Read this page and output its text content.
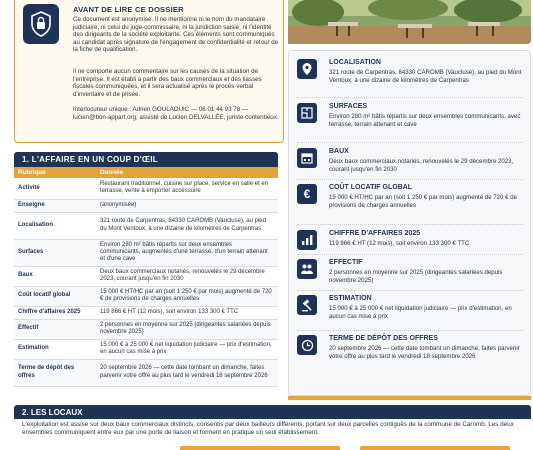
AVANT DE LIRE CE DOSSIER

Ce document est anonymisé. Il ne mentionne ni le nom du mandataire judiciaire, ni celui du juge-commissaire, ni la juridiction saisie, ni l'identité des dirigeants de la société exploitante. Ces éléments sont communiqués au candidat après signature de l'engagement de confidentialité et retour de la fiche de qualification.

Il ne comporte aucun commentaire sur les causes de la situation de l'entreprise. Il est établi à partir des baux commerciaux et des liasses fiscales communiquées, et il sera actualisé après le procès-verbal d'inventaire et de prisée.

Interlocuteur unique : Adrien GOULAOUIC — 06 01 44 93 78 — lucien@bon-appart.org, assisté de Lucien DELVALLÉE, juriste contentieux.

LOCALISATION

321 route de Carpentras, 84330 CAROMB (Vaucluse), au pied du Mont Ventoux, à une dizaine de kilomètres de Carpentras

SURFACES

Environ 280 m² bâtis répartis sur deux ensembles communicants, avec terrasse, terrain attenant et cave

BAUX

Deux baux commerciaux notariés, renouvelés le 29 décembre 2023, courant jusqu'en fin 2030

€	COÛT LOCATIF GLOBAL

15 000 € HT/HC par an (soit 1 250 € par mois) augmenté de 720 € de provisions de charges annuelles

CHIFFRE D'AFFAIRES 2025

119 866 € HT (12 mois), soit environ 133 300 € TTC

EFFECTIF

2 personnes en moyenne sur 2025 (dirigeantes salariées depuis novembre 2025)

ESTIMATION

15 000 € à 25 000 € net liquidation judiciaire — prix d'estimation, en aucun cas mise à prix

TERME DE DÉPÔT DES OFFRES

20 septembre 2026 — cette date tombant un dimanche, faites parvenir votre offre au plus tard le vendredi 18 septembre 2026

1. L'AFFAIRE EN UN COUP D'ŒIL
Rubrique	Donnée
Activité	Restaurant traditionnel, cuisine sur place, service en salle et en terrasse, vente à emporter accessoire
Enseigne	(anonymisée)
Localisation	321 route de Carpentras, 84330 CAROMB (Vaucluse), au pied du Mont Ventoux, à une dizaine de kilomètres de Carpentras
Surfaces	Environ 280 m² bâtis répartis sur deux ensembles communicants, augmentés d'une terrasse, d'un terrain attenant et d'une cave
Baux	Deux baux commerciaux notariés, renouvelés le 29 décembre 2023, courant jusqu'en fin 2030
Coût locatif global	15 000 € HT/HC par an (soit 1 250 € par mois) augmenté de 720 € de provisions de charges annuelles
Chiffre d'affaires 2025	119 866 € HT (12 mois), soit environ 133 300 € TTC
Effectif	2 personnes en moyenne sur 2025 (dirigeantes salariées depuis novembre 2025)
Estimation	15 000 € à 25 000 € net liquidation judiciaire — prix d'estimation, en aucun cas mise à prix
Terme de dépôt des offres	20 septembre 2026 — cette date tombant un dimanche, faites parvenir votre offre au plus tard le vendredi 18 septembre 2026
2. LES LOCAUX

L'exploitation est assise sur deux baux commerciaux distincts, consentis par deux bailleurs différents, portant sur deux parcelles contiguës de la commune de Caromb. Les deux ensembles communiquent entre eux par une porte de liaison et forment en pratique un seul établissement.
